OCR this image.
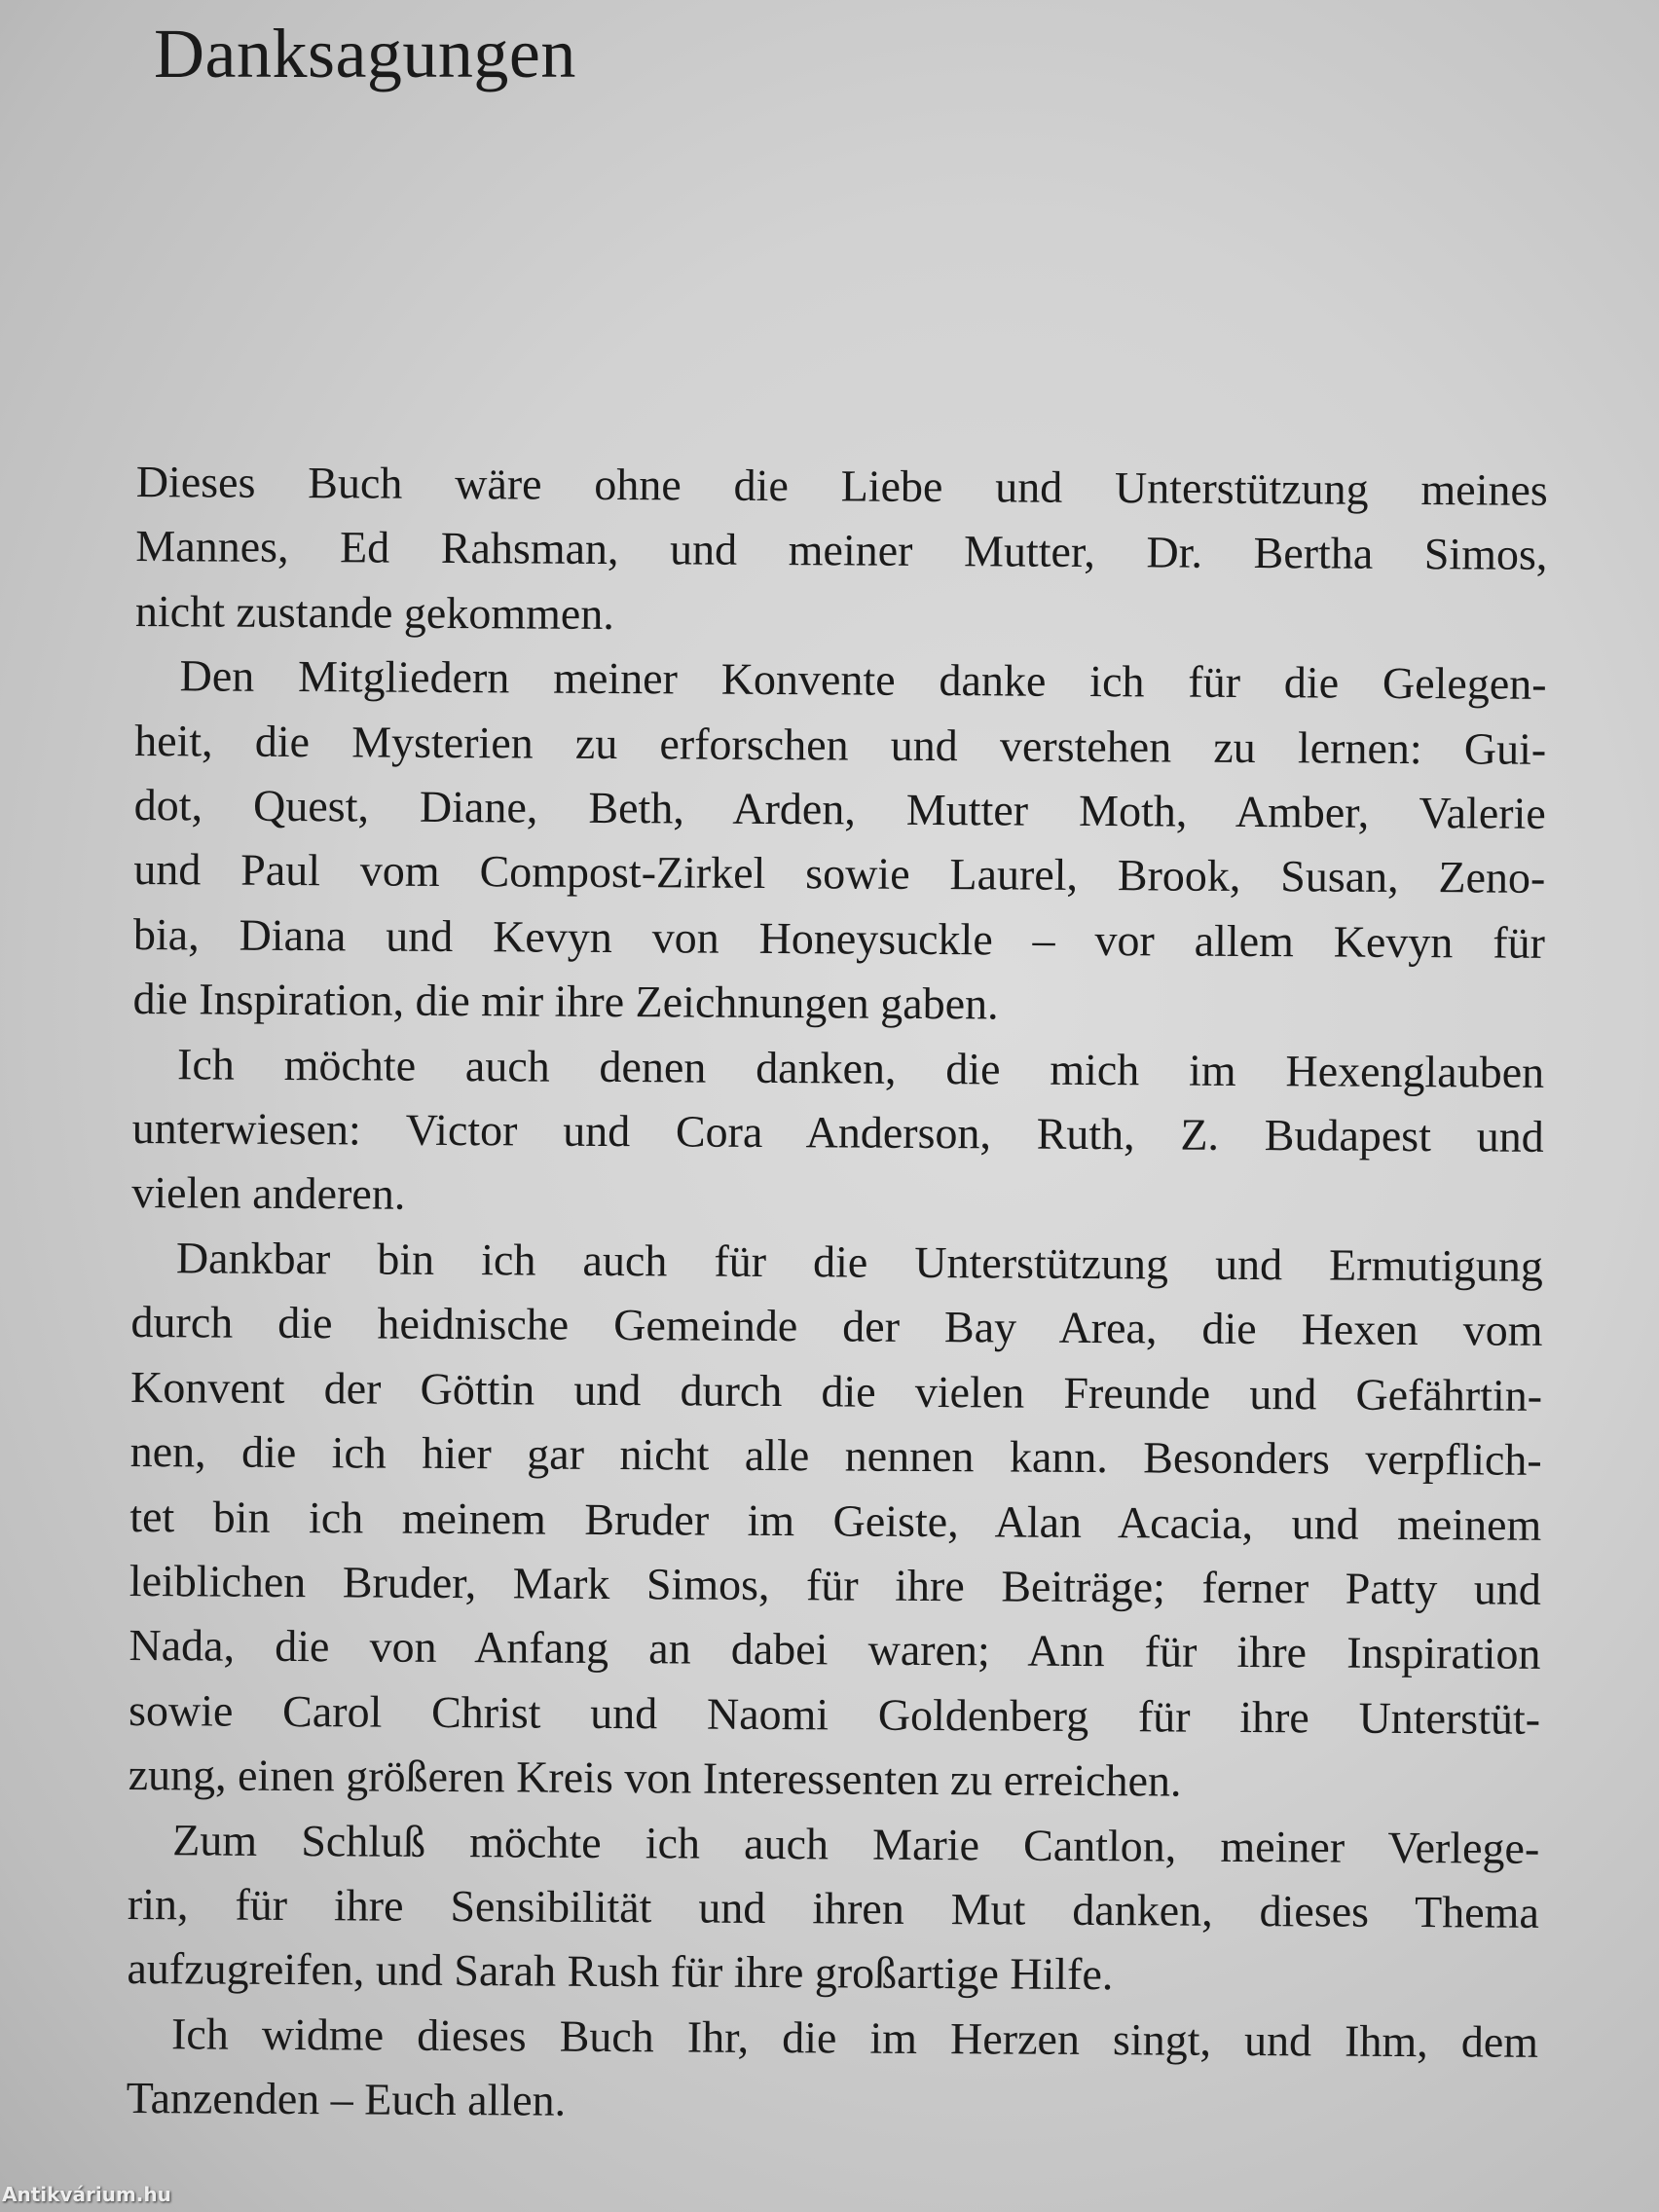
Danksagungen
Dieses Buch wäre ohne die Liebe und Unterstützung meines
Mannes, Ed Rahsman, und meiner Mutter, Dr. Bertha Simos,
nicht zustande gekommen.
Den Mitgliedern meiner Konvente danke ich für die Gelegen-
heit, die Mysterien zu erforschen und verstehen zu lernen: Gui-
dot, Quest, Diane, Beth, Arden, Mutter Moth, Amber, Valerie
und Paul vom Compost-Zirkel sowie Laurel, Brook, Susan, Zeno-
bia, Diana und Kevyn von Honeysuckle – vor allem Kevyn für
die Inspiration, die mir ihre Zeichnungen gaben.
Ich möchte auch denen danken, die mich im Hexenglauben
unterwiesen: Victor und Cora Anderson, Ruth, Z. Budapest und
vielen anderen.
Dankbar bin ich auch für die Unterstützung und Ermutigung
durch die heidnische Gemeinde der Bay Area, die Hexen vom
Konvent der Göttin und durch die vielen Freunde und Gefährtin-
nen, die ich hier gar nicht alle nennen kann. Besonders verpflich-
tet bin ich meinem Bruder im Geiste, Alan Acacia, und meinem
leiblichen Bruder, Mark Simos, für ihre Beiträge; ferner Patty und
Nada, die von Anfang an dabei waren; Ann für ihre Inspiration
sowie Carol Christ und Naomi Goldenberg für ihre Unterstüt-
zung, einen größeren Kreis von Interessenten zu erreichen.
Zum Schluß möchte ich auch Marie Cantlon, meiner Verlege-
rin, für ihre Sensibilität und ihren Mut danken, dieses Thema
aufzugreifen, und Sarah Rush für ihre großartige Hilfe.
Ich widme dieses Buch Ihr, die im Herzen singt, und Ihm, dem
Tanzenden – Euch allen.
Antikvárium.hu
